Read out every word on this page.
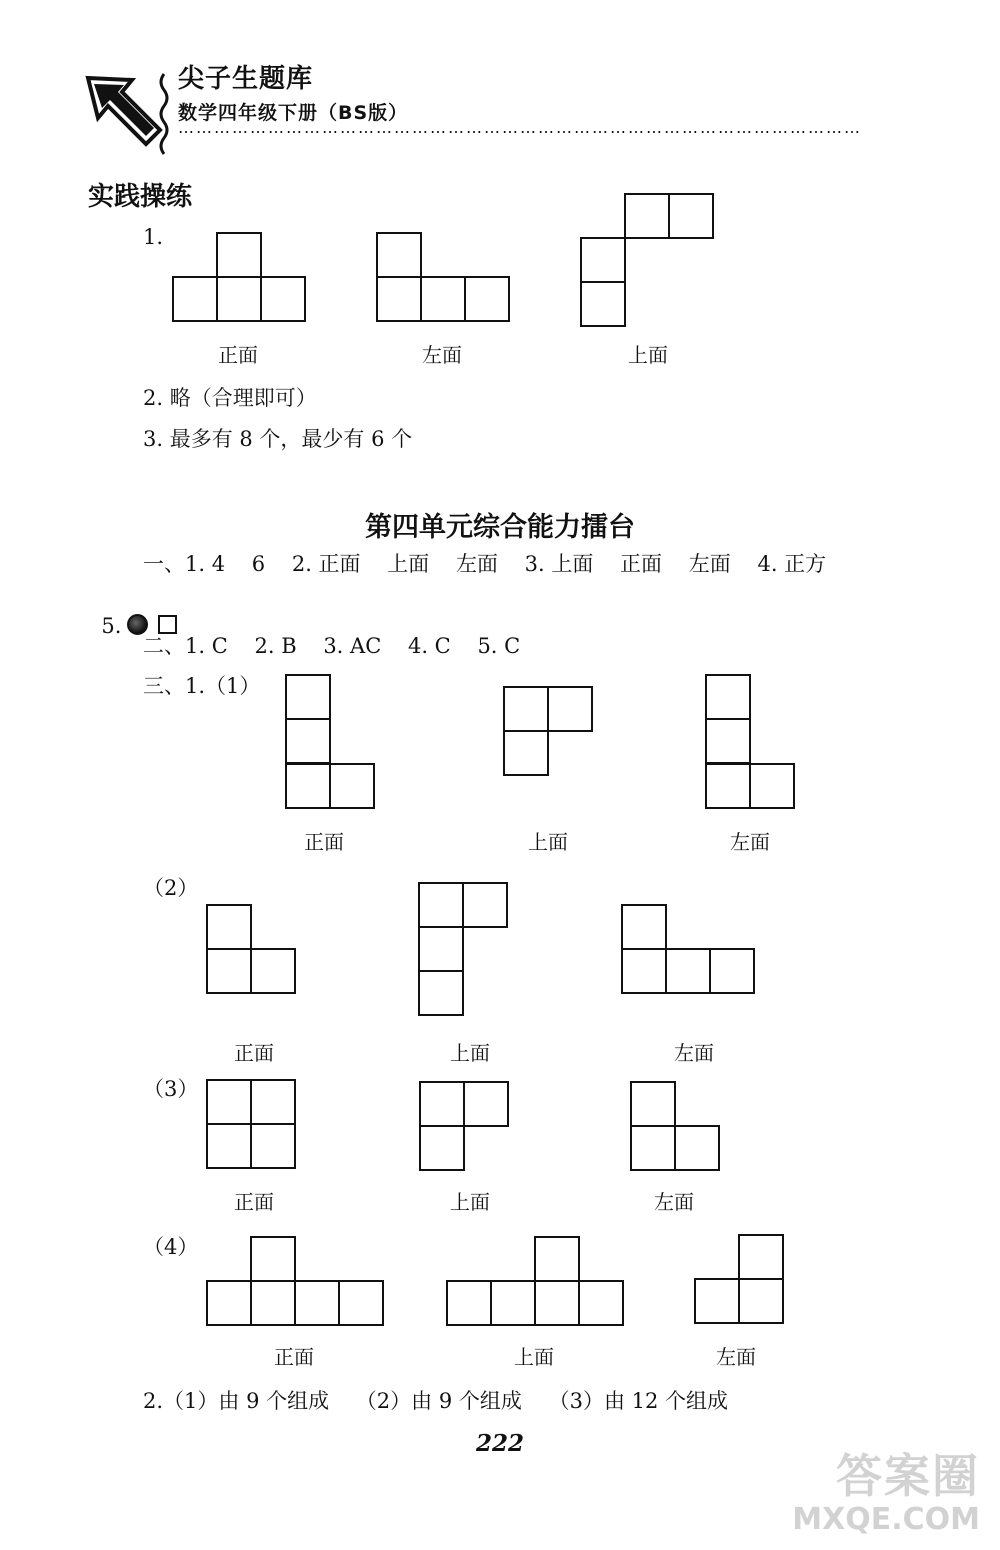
尖子生题库
数学四年级下册（BS版）
……………………………………………………………………………………………………
实践操练
1.
正面	左面	上面
2. 略（合理即可）
3. 最多有 8 个，最少有 6 个
第四单元综合能力擂台
一、1. 4    6    2. 正面    上面    左面    3. 上面    正面    左面    4. 正方

5.

二、1. C    2. B    3. AC    4. C    5. C
三、1.（1）
正面	上面	左面
（2）
正面	上面	左面
（3）
正面	上面	左面
（4）
正面	上面	左面
2.（1）由 9 个组成    （2）由 9 个组成    （3）由 12 个组成
222
答案圈
MXQE.COM
